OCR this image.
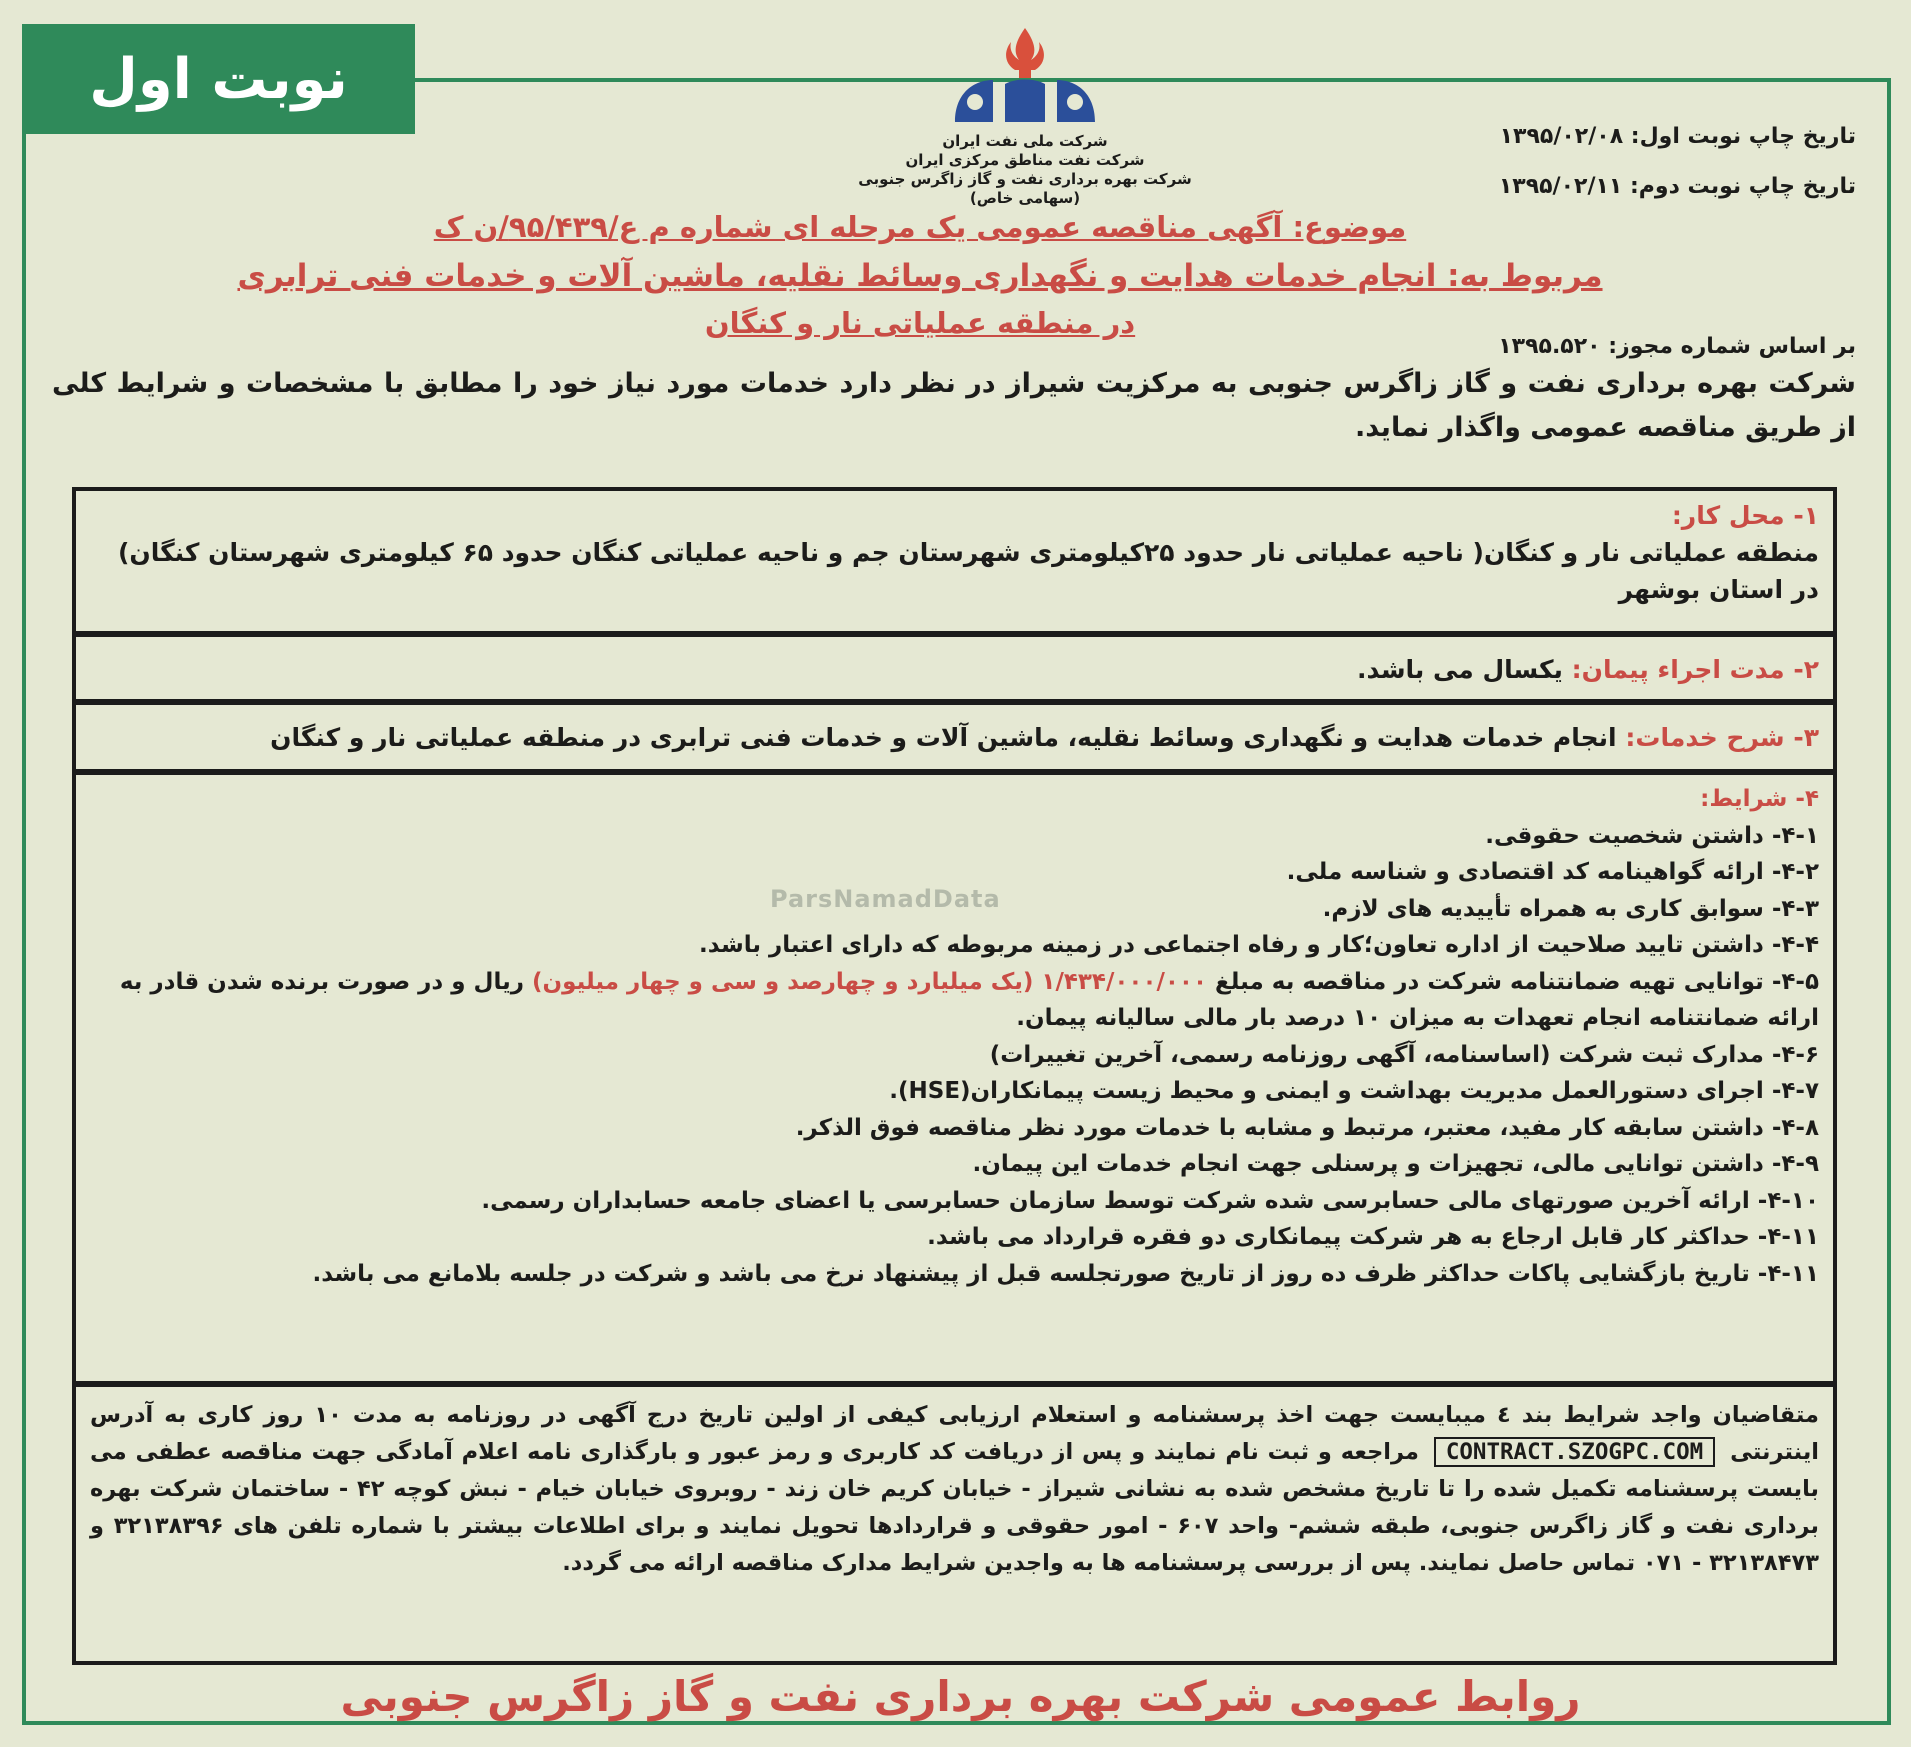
نوبت اول
شرکت ملی نفت ایران
شرکت نفت مناطق مرکزی ایران
شرکت بهره برداری نفت و گاز زاگرس جنوبی (سهامی خاص)
تاریخ چاپ نوبت اول: ۱۳۹۵/۰۲/۰۸
تاریخ چاپ نوبت دوم: ۱۳۹۵/۰۲/۱۱
موضوع: آگهی مناقصه عمومی یک مرحله ای شماره م ع/۹۵/۴۳۹/ن ک
مربوط به: انجام خدمات هدایت و نگهداری وسائط نقلیه، ماشین آلات و خدمات فنی ترابری
در منطقه عملیاتی نار و کنگان
بر اساس شماره مجوز: ۱۳۹۵.۵۲۰
شرکت بهره برداری نفت و گاز زاگرس جنوبی به مرکزیت شیراز در نظر دارد خدمات مورد نیاز خود را مطابق با مشخصات و شرایط کلی از طریق مناقصه عمومی واگذار نماید.
۱- محل کار:
منطقه عملیاتی نار و کنگان( ناحیه عملیاتی نار حدود ۲۵کیلومتری شهرستان جم و ناحیه عملیاتی کنگان حدود ۶۵ کیلومتری شهرستان کنگان) در استان بوشهر
۲- مدت اجراء پیمان: یکسال می باشد.
۳- شرح خدمات: انجام خدمات هدایت و نگهداری وسائط نقلیه، ماشین آلات و خدمات فنی ترابری در منطقه عملیاتی نار و کنگان

۴- شرایط:

۴-۱- داشتن شخصیت حقوقی.

۴-۲- ارائه گواهینامه کد اقتصادی و شناسه ملی.

۴-۳- سوابق کاری به همراه تأییدیه های لازم.

۴-۴- داشتن تایید صلاحیت از اداره تعاون؛کار و رفاه اجتماعی در زمینه مربوطه که دارای اعتبار باشد.

۴-۵- توانایی تهیه ضمانتنامه شرکت در مناقصه به مبلغ ۱/۴۳۴/۰۰۰/۰۰۰ (یک میلیارد و چهارصد و سی و چهار میلیون) ریال و در صورت برنده شدن قادر به ارائه ضمانتنامه انجام تعهدات به میزان ۱۰ درصد بار مالی سالیانه پیمان.

۴-۶- مدارک ثبت شرکت (اساسنامه، آگهی روزنامه رسمی، آخرین تغییرات)

۴-۷- اجرای دستورالعمل مدیریت بهداشت و ایمنی و محیط زیست پیمانکاران(HSE).

۴-۸- داشتن سابقه کار مفید، معتبر، مرتبط و مشابه با خدمات مورد نظر مناقصه فوق الذکر.

۴-۹- داشتن توانایی مالی، تجهیزات و پرسنلی جهت انجام خدمات این پیمان.

۴-۱۰- ارائه آخرین صورتهای مالی حسابرسی شده شرکت توسط سازمان حسابرسی یا اعضای جامعه حسابداران رسمی.

۴-۱۱- حداکثر کار قابل ارجاع به هر شرکت پیمانکاری دو فقره قرارداد می باشد.

۴-۱۱- تاریخ بازگشایی پاکات حداکثر ظرف ده روز از تاریخ صورتجلسه قبل از پیشنهاد نرخ می باشد و شرکت در جلسه بلامانع می باشد.

متقاضیان واجد شرایط بند ٤ میبایست جهت اخذ پرسشنامه و استعلام ارزیابی کیفی از اولین تاریخ درج آگهی در روزنامه به مدت ۱۰ روز کاری به آدرس اینترنتی CONTRACT.SZOGPC.COM مراجعه و ثبت نام نمایند و پس از دریافت کد کاربری و رمز عبور و بارگذاری نامه اعلام آمادگی جهت مناقصه عطفی می بایست پرسشنامه تکمیل شده را تا تاریخ مشخص شده به نشانی شیراز - خیابان کریم خان زند - روبروی خیابان خیام - نبش کوچه ۴۲ - ساختمان شرکت بهره برداری نفت و گاز زاگرس جنوبی، طبقه ششم- واحد ۶۰۷ - امور حقوقی و قراردادها تحویل نمایند و برای اطلاعات بیشتر با شماره تلفن های ۳۲۱۳۸۳۹۶ و ۳۲۱۳۸۴۷۳ - ۰۷۱ تماس حاصل نمایند. پس از بررسی پرسشنامه ها به واجدین شرایط مدارک مناقصه ارائه می گردد.

ParsNamadData
روابط عمومی شرکت بهره برداری نفت و گاز زاگرس جنوبی
